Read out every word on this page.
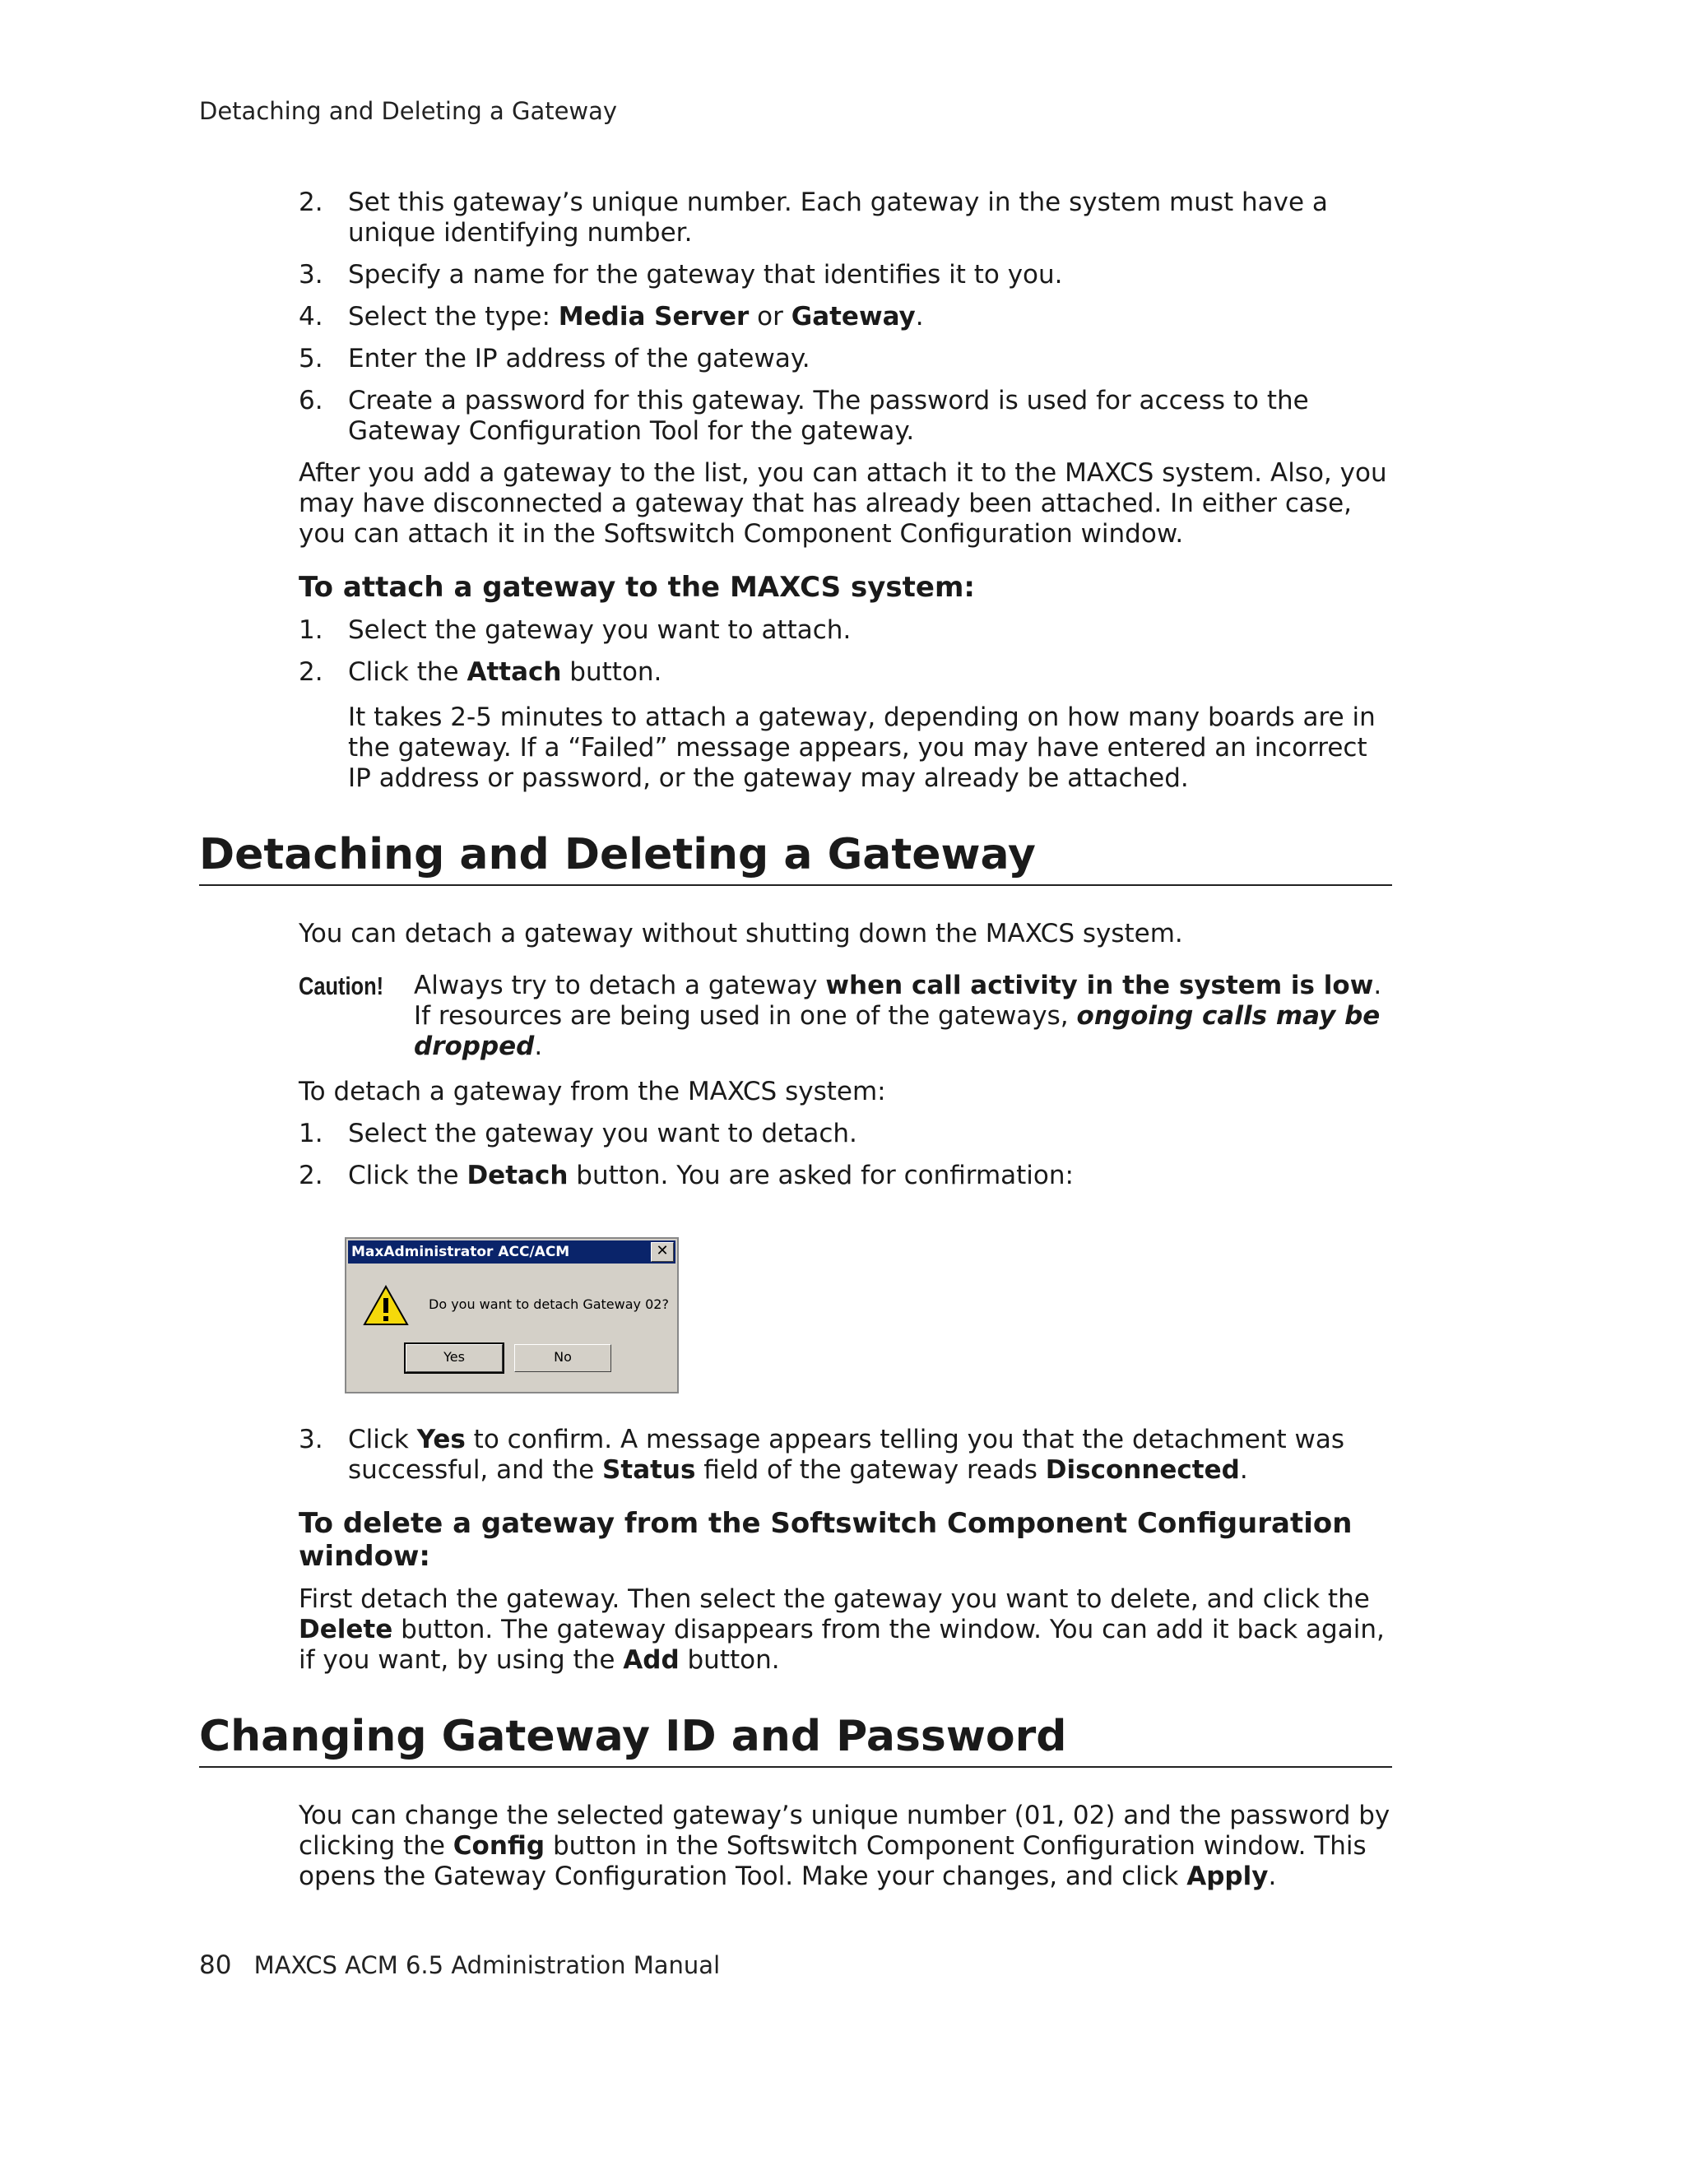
Detaching and Deleting a Gateway
2. Set this gateway’s unique number. Each gateway in the system must have a unique identifying number.
3. Specify a name for the gateway that identifies it to you.
4. Select the type: Media Server or Gateway.
5. Enter the IP address of the gateway.
6. Create a password for this gateway. The password is used for access to the Gateway Configuration Tool for the gateway.

After you add a gateway to the list, you can attach it to the MAXCS system. Also, you may have disconnected a gateway that has already been attached. In either case, you can attach it in the Softswitch Component Configuration window.

To attach a gateway to the MAXCS system:
1. Select the gateway you want to attach.
2. Click the Attach button.

It takes 2-5 minutes to attach a gateway, depending on how many boards are in the gateway. If a “Failed” message appears, you may have entered an incorrect IP address or password, or the gateway may already be attached.

Detaching and Deleting a Gateway

You can detach a gateway without shutting down the MAXCS system.

Caution! Always try to detach a gateway when call activity in the system is low. If resources are being used in one of the gateways, ongoing calls may be dropped.

To detach a gateway from the MAXCS system:

1. Select the gateway you want to detach.
2. Click the Detach button. You are asked for confirmation:
MaxAdministrator ACC/ACM	✕
Do you want to detach Gateway 02?
Yes	No
3. Click Yes to confirm. A message appears telling you that the detachment was successful, and the Status field of the gateway reads Disconnected.
To delete a gateway from the Softswitch Component Configuration window:

First detach the gateway. Then select the gateway you want to delete, and click the Delete button. The gateway disappears from the window. You can add it back again, if you want, by using the Add button.

Changing Gateway ID and Password

You can change the selected gateway’s unique number (01, 02) and the password by clicking the Config button in the Softswitch Component Configuration window. This opens the Gateway Configuration Tool. Make your changes, and click Apply.

80 MAXCS ACM 6.5 Administration Manual
